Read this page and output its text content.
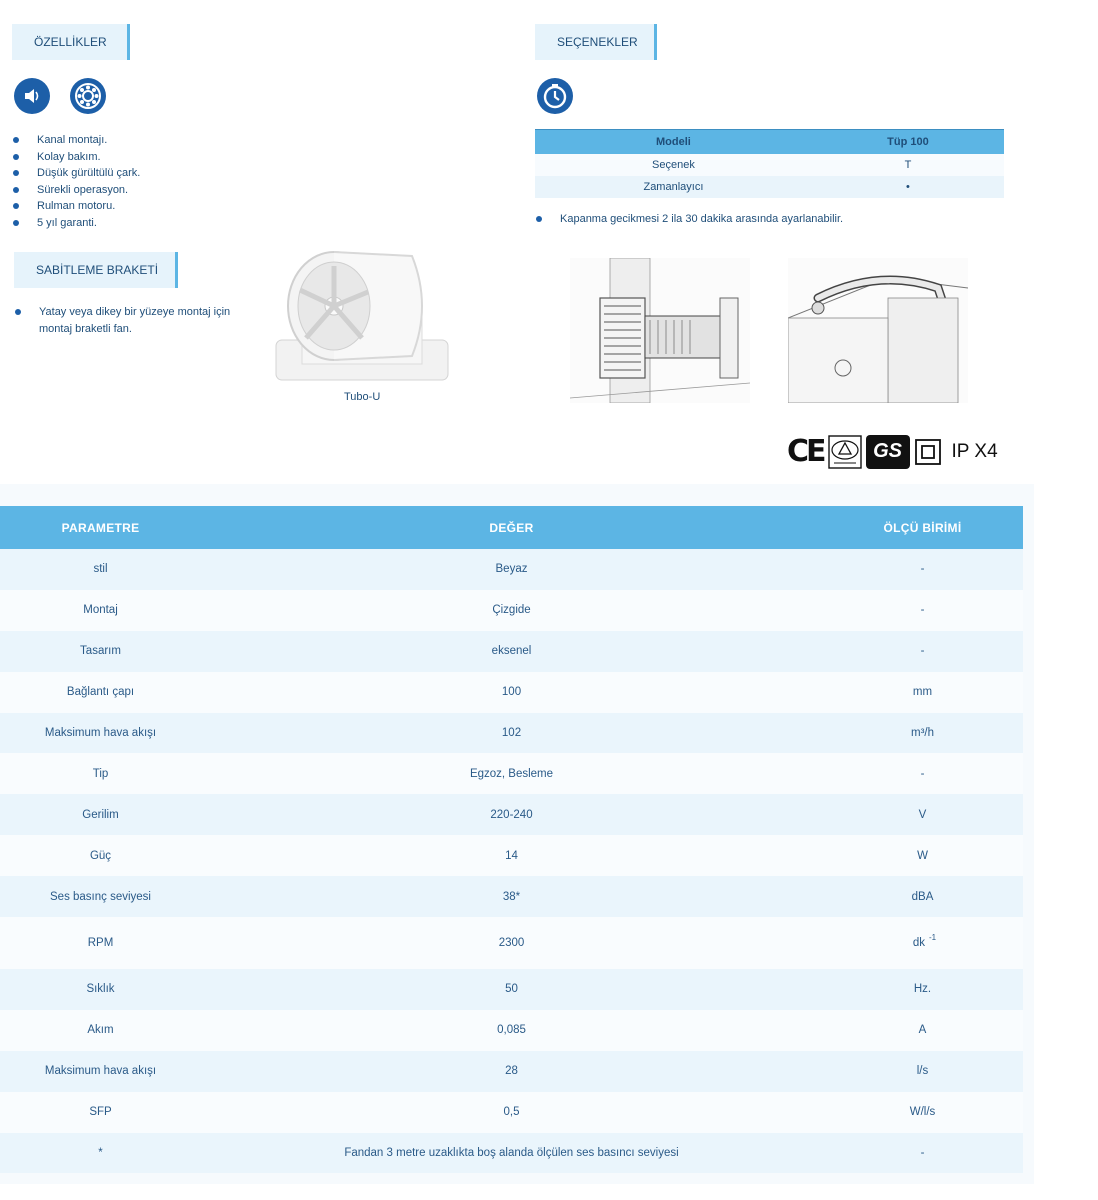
ÖZELLİKLER
Kanal montajı.
Kolay bakım.
Düşük gürültülü çark.
Sürekli operasyon.
Rulman motoru.
5 yıl garanti.
SABİTLEME BRAKETİ
Yatay veya dikey bir yüzeye montaj için montaj braketli fan.
Tubo-U
SEÇENEKLER
Modeli	Tüp 100
Seçenek	T
Zamanlayıcı	•
Kapanma gecikmesi 2 ila 30 dakika arasında ayarlanabilir.
CE GS	IP X4
PARAMETRE	DEĞER	ÖLÇÜ BİRİMİ
stil	Beyaz	-
Montaj	Çizgide	-
Tasarım	eksenel	-
Bağlantı çapı	100	mm
Maksimum hava akışı	102	m³/h
Tip	Egzoz, Besleme	-
Gerilim	220-240	V
Güç	14	W
Ses basınç seviyesi	38*	dBA
RPM	2300	dk $^{-1}$
Sıklık	50	Hz.
Akım	0,085	A
Maksimum hava akışı	28	l/s
SFP	0,5	W/l/s
*	Fandan 3 metre uzaklıkta boş alanda ölçülen ses basıncı seviyesi	-
